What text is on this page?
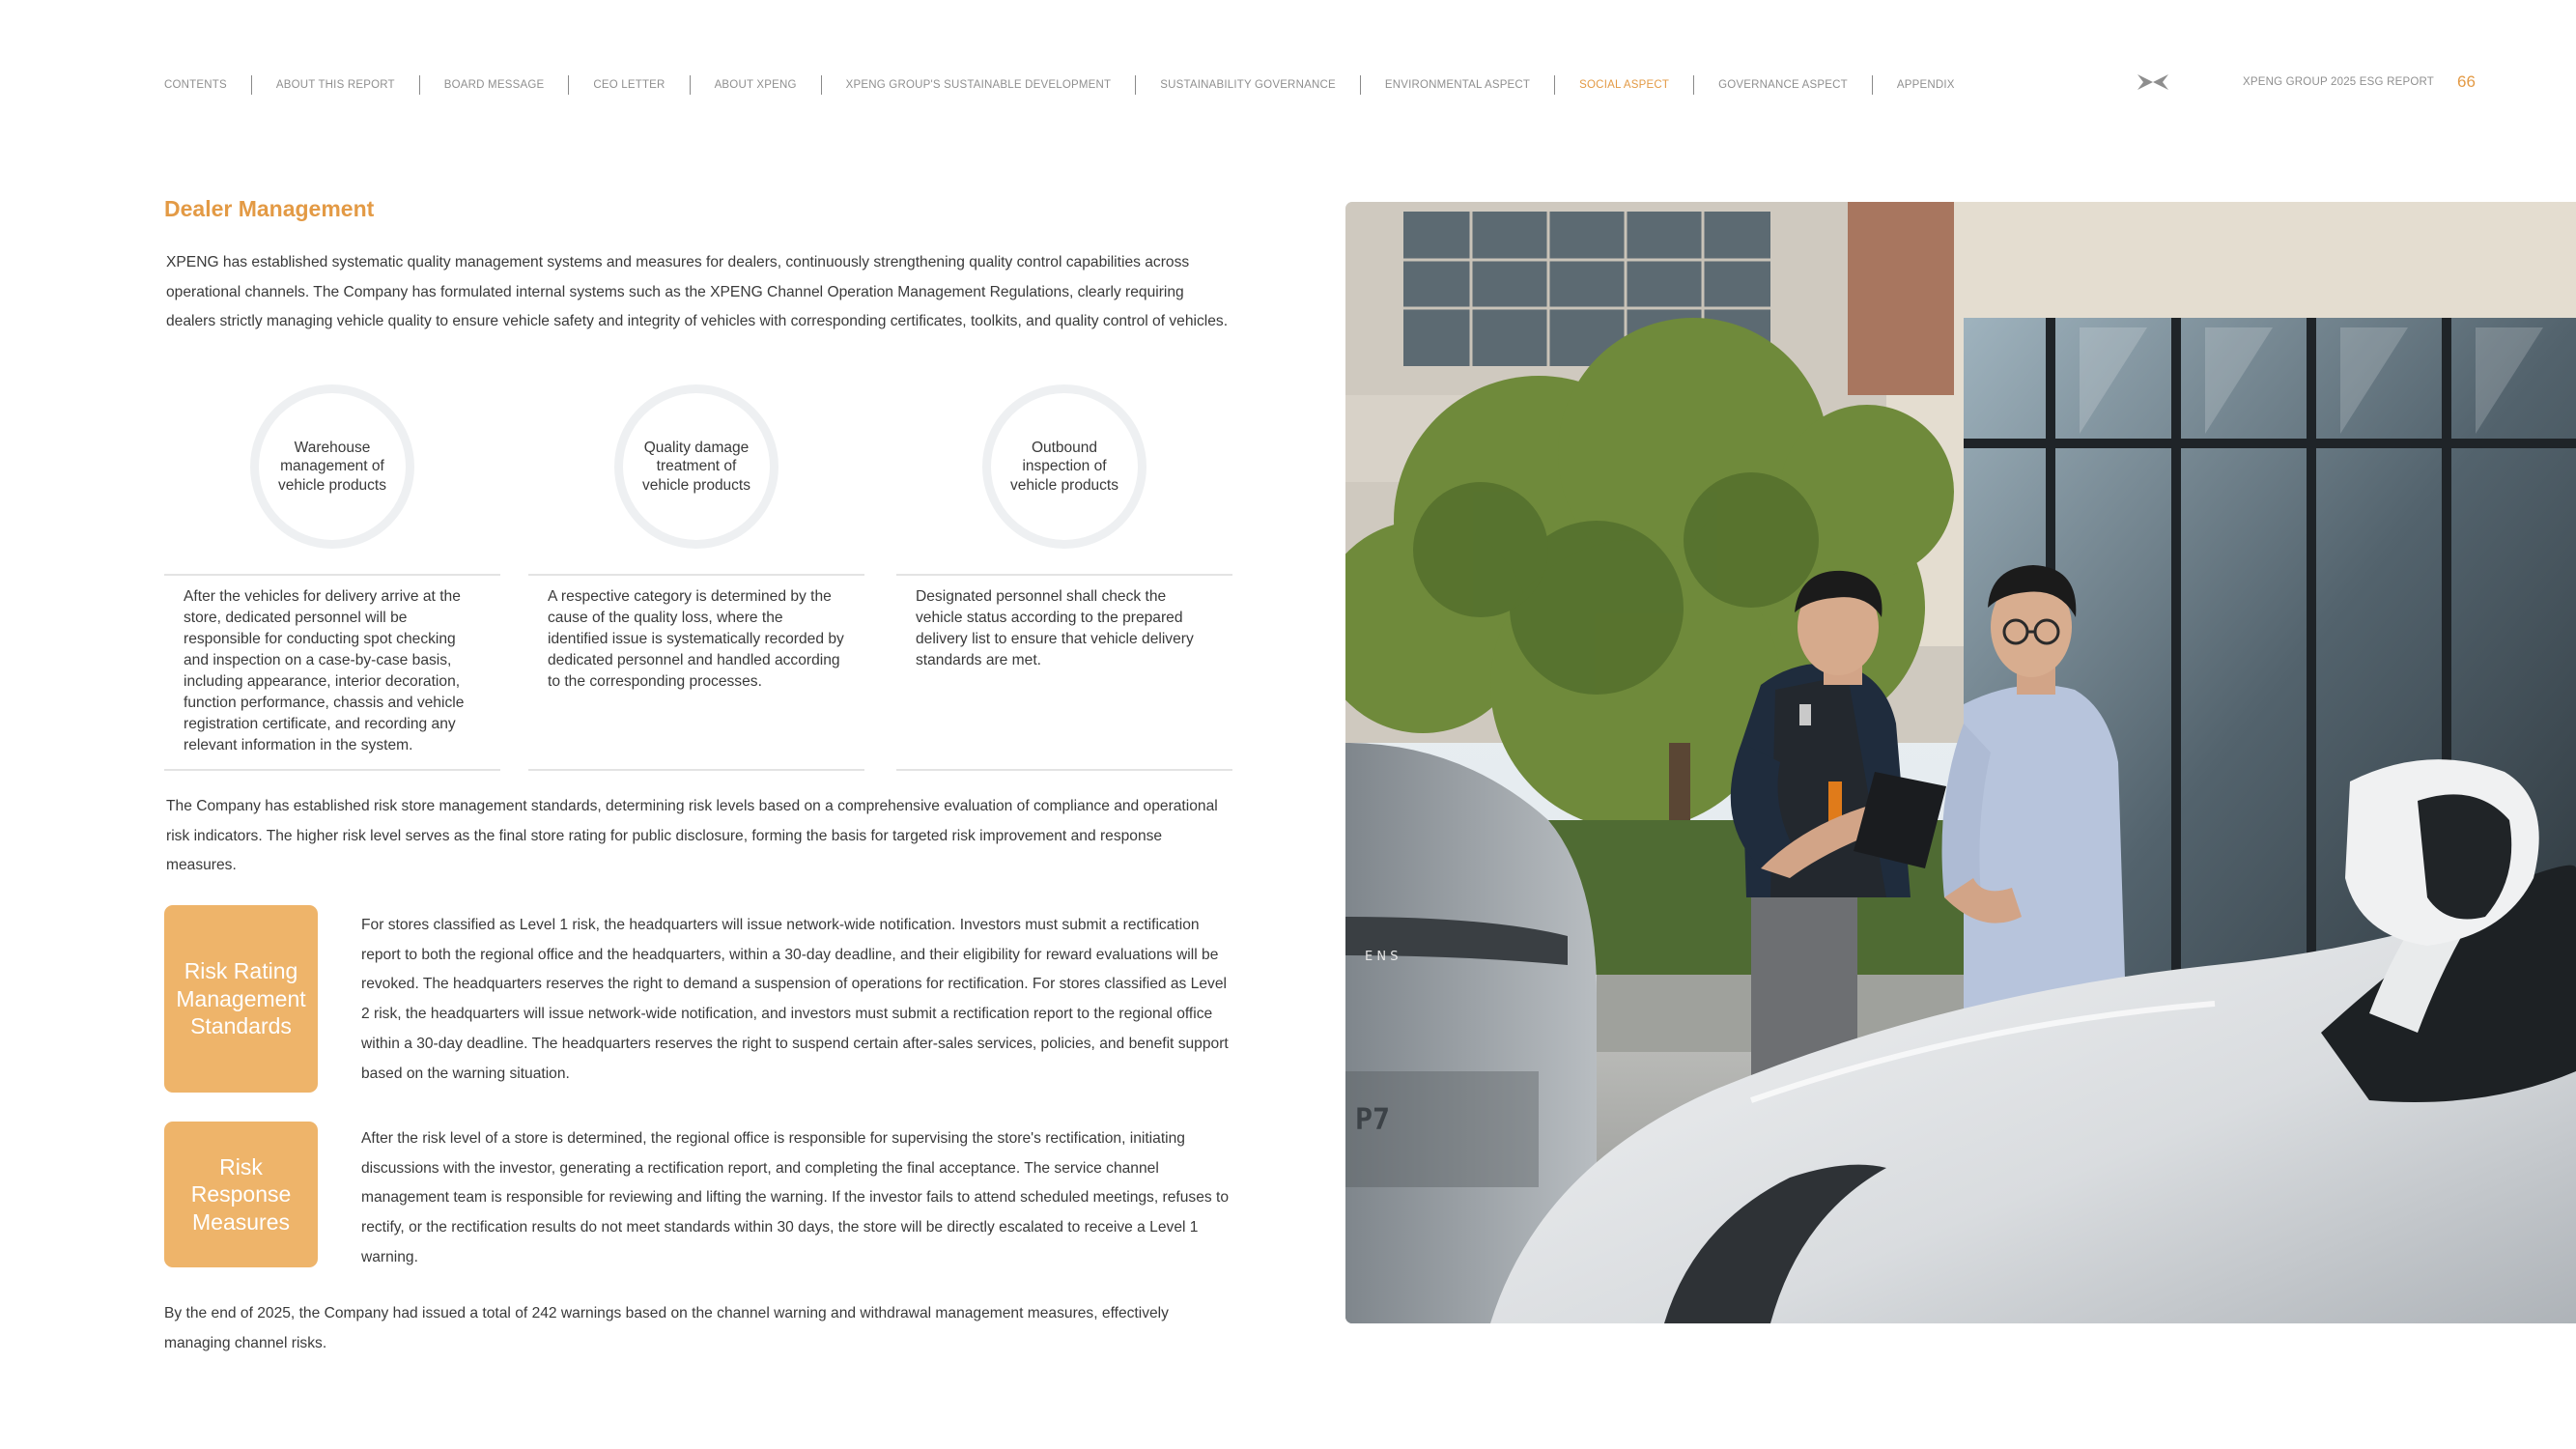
CONTENTS	ABOUT THIS REPORT	BOARD MESSAGE	CEO LETTER	ABOUT XPENG	XPENG GROUP'S SUSTAINABLE DEVELOPMENT	SUSTAINABILITY GOVERNANCE	ENVIRONMENTAL ASPECT	SOCIAL ASPECT	GOVERNANCE ASPECT	APPENDIX	XPENG GROUP 2025 ESG REPORT 66
Dealer Management

XPENG has established systematic quality management systems and measures for dealers, continuously strengthening quality control capabilities across operational channels. The Company has formulated internal systems such as the XPENG Channel Operation Management Regulations, clearly requiring dealers strictly managing vehicle quality to ensure vehicle safety and integrity of vehicles with corresponding certificates, toolkits, and quality control of vehicles.

Warehouse management of vehicle products

After the vehicles for delivery arrive at the store, dedicated personnel will be responsible for conducting spot checking and inspection on a case-by-case basis, including appearance, interior decoration, function performance, chassis and vehicle registration certificate, and recording any relevant information in the system.

Quality damage treatment of vehicle products

A respective category is determined by the cause of the quality loss, where the identified issue is systematically recorded by dedicated personnel and handled according to the corresponding processes.

Outbound inspection of vehicle products

Designated personnel shall check the vehicle status according to the prepared delivery list to ensure that vehicle delivery standards are met.

The Company has established risk store management standards, determining risk levels based on a comprehensive evaluation of compliance and operational risk indicators. The higher risk level serves as the final store rating for public disclosure, forming the basis for targeted risk improvement and response measures.

Risk Rating Management Standards

For stores classified as Level 1 risk, the headquarters will issue network-wide notification. Investors must submit a rectification report to both the regional office and the headquarters, within a 30-day deadline, and their eligibility for reward evaluations will be revoked. The headquarters reserves the right to demand a suspension of operations for rectification. For stores classified as Level 2 risk, the headquarters will issue network-wide notification, and investors must submit a rectification report to the regional office within a 30-day deadline. The headquarters reserves the right to suspend certain after-sales services, policies, and benefit support based on the warning situation.

Risk Response Measures

After the risk level of a store is determined, the regional office is responsible for supervising the store's rectification, initiating discussions with the investor, generating a rectification report, and completing the final acceptance. The service channel management team is responsible for reviewing and lifting the warning. If the investor fails to attend scheduled meetings, refuses to rectify, or the rectification results do not meet standards within 30 days, the store will be directly escalated to receive a Level 1 warning.

By the end of 2025, the Company had issued a total of 242 warnings based on the channel warning and withdrawal management measures, effectively managing channel risks.

P7
E N S
